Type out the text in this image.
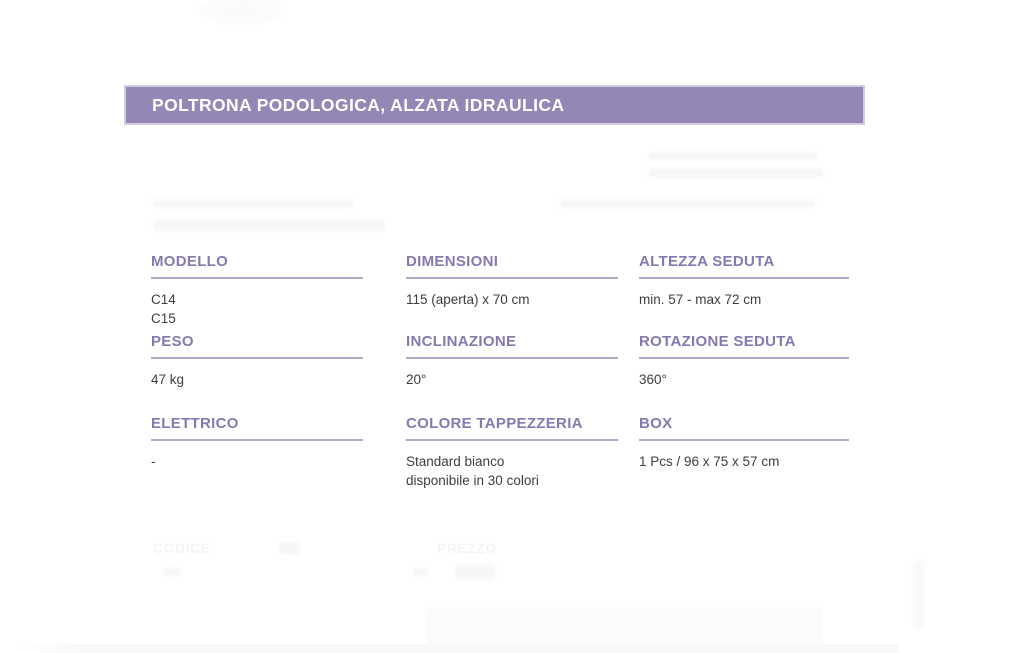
POLTRONA PODOLOGICA, ALZATA IDRAULICA
MODELLO
C14
C15
DIMENSIONI
115 (aperta) x 70 cm
ALTEZZA SEDUTA
min. 57 - max 72 cm
PESO
47 kg
INCLINAZIONE
20°
ROTAZIONE SEDUTA
360°
ELETTRICO
-
COLORE TAPPEZZERIA
Standard bianco
disponibile in 30 colori
BOX
1 Pcs / 96 x 75 x 57 cm
CODICE	PREZZO
